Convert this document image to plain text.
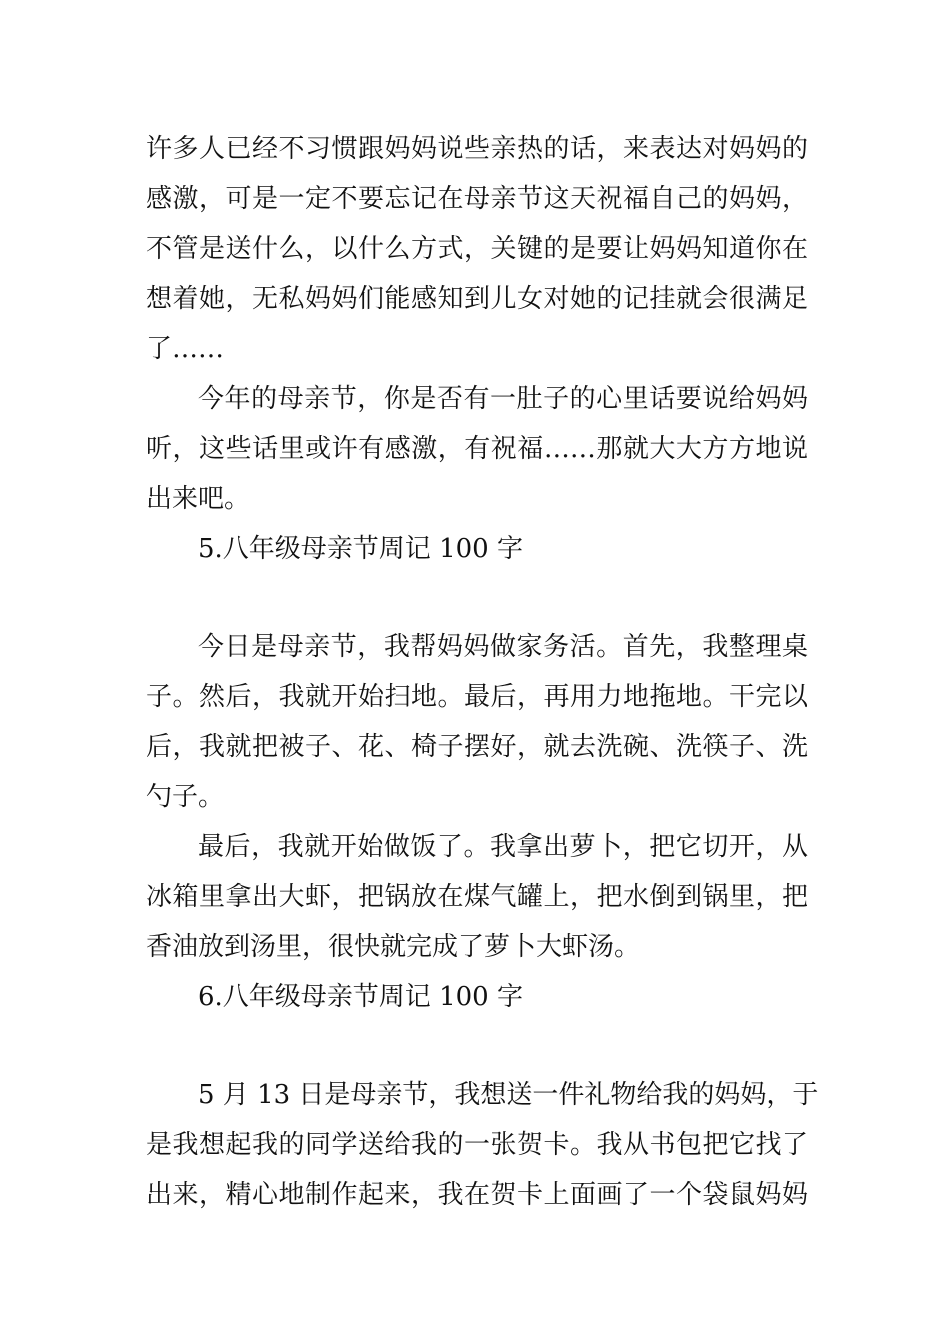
许多人已经不习惯跟妈妈说些亲热的话，来表达对妈妈的
感激，可是一定不要忘记在母亲节这天祝福自己的妈妈，
不管是送什么，以什么方式，关键的是要让妈妈知道你在
想着她，无私妈妈们能感知到儿女对她的记挂就会很满足
了……
今年的母亲节，你是否有一肚子的心里话要说给妈妈
听，这些话里或许有感激，有祝福……那就大大方方地说
出来吧。
5.八年级母亲节周记 100 字
今日是母亲节，我帮妈妈做家务活。首先，我整理桌
子。然后，我就开始扫地。最后，再用力地拖地。干完以
后，我就把被子、花、椅子摆好，就去洗碗、洗筷子、洗
勺子。
最后，我就开始做饭了。我拿出萝卜，把它切开，从
冰箱里拿出大虾，把锅放在煤气罐上，把水倒到锅里，把
香油放到汤里，很快就完成了萝卜大虾汤。
6.八年级母亲节周记 100 字
5 月 13 日是母亲节，我想送一件礼物给我的妈妈，于
是我想起我的同学送给我的一张贺卡。我从书包把它找了
出来，精心地制作起来，我在贺卡上面画了一个袋鼠妈妈
